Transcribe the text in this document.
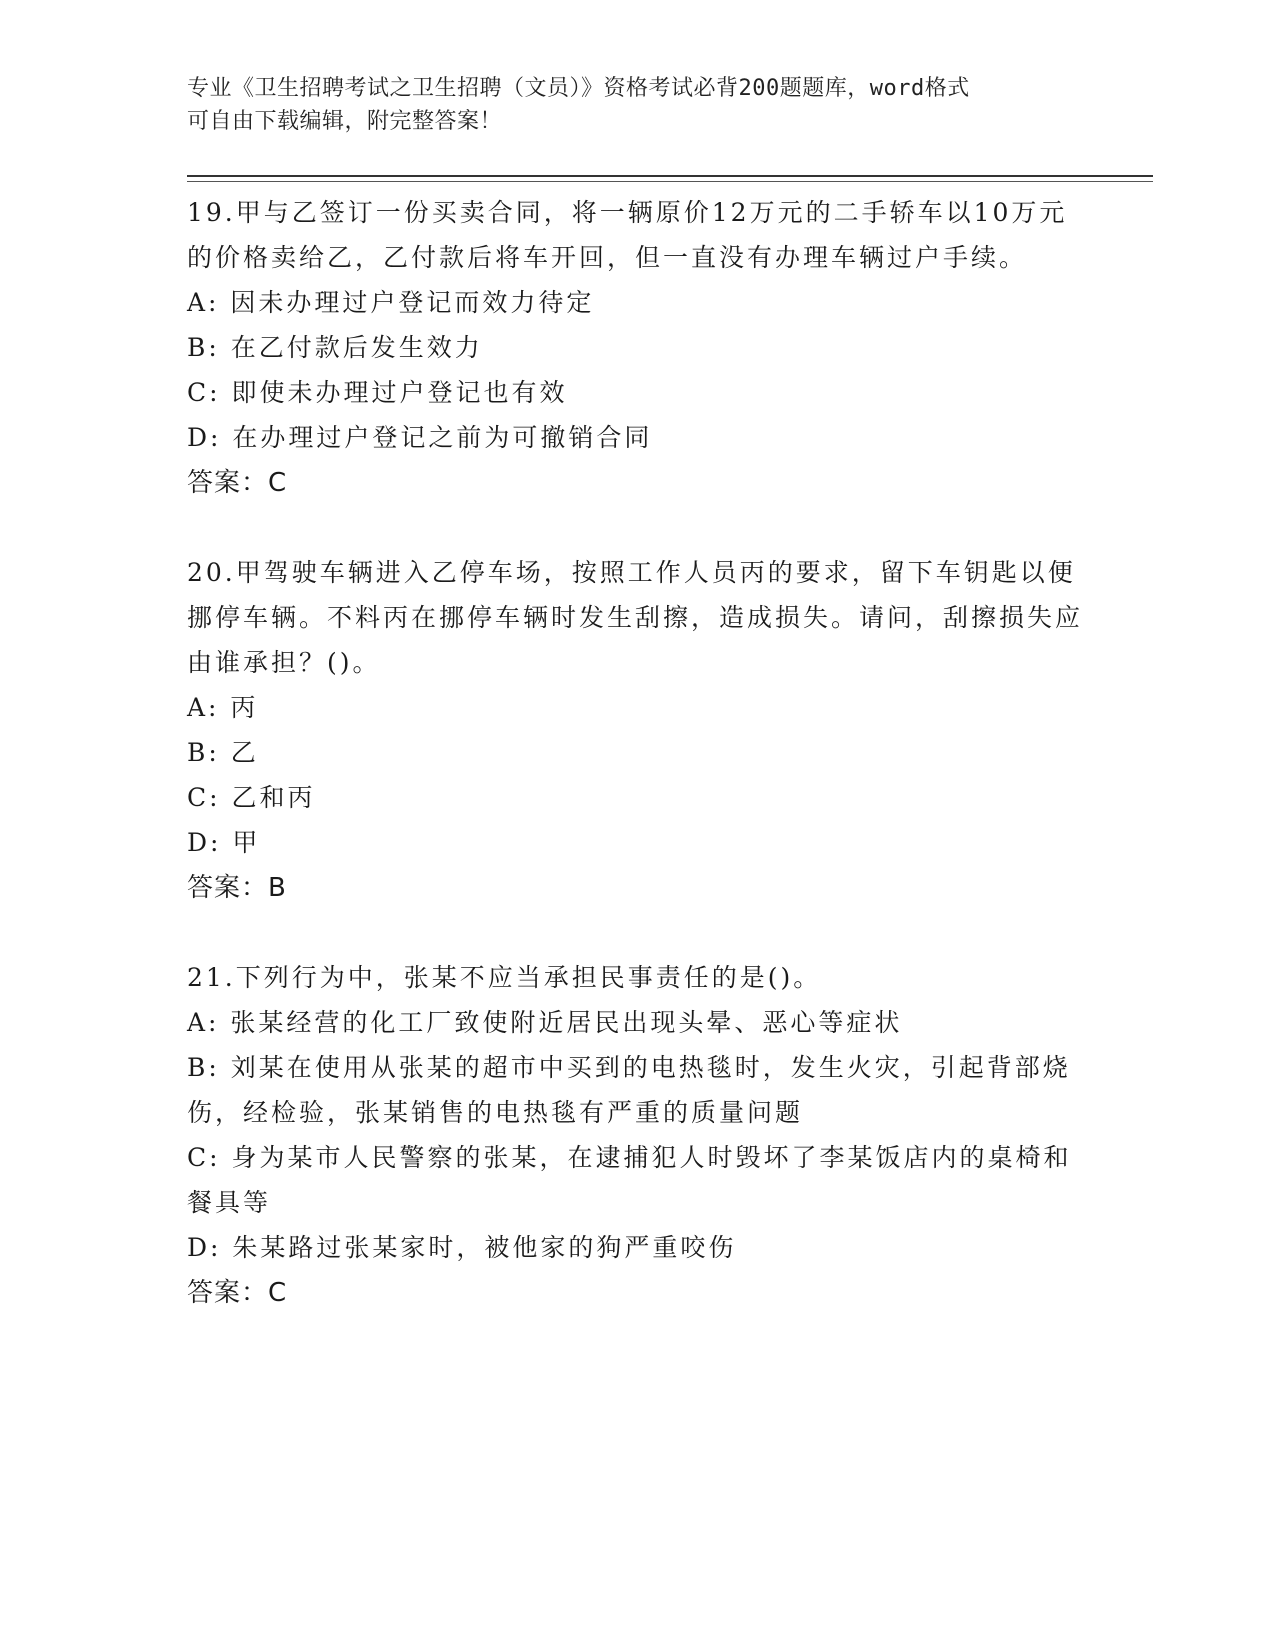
专业《卫生招聘考试之卫生招聘（文员）》资格考试必背200题题库，word格式
可自由下载编辑，附完整答案！

19.甲与乙签订一份买卖合同，将一辆原价12万元的二手轿车以10万元的价格卖给乙，乙付款后将车开回，但一直没有办理车辆过户手续。

A: 因未办理过户登记而效力待定

B: 在乙付款后发生效力

C: 即使未办理过户登记也有效

D: 在办理过户登记之前为可撤销合同

答案：C

20.甲驾驶车辆进入乙停车场，按照工作人员丙的要求，留下车钥匙以便挪停车辆。不料丙在挪停车辆时发生刮擦，造成损失。请问，刮擦损失应由谁承担？()。

A: 丙

B: 乙

C: 乙和丙

D: 甲

答案：B

21.下列行为中，张某不应当承担民事责任的是()。

A: 张某经营的化工厂致使附近居民出现头晕、恶心等症状

B: 刘某在使用从张某的超市中买到的电热毯时，发生火灾，引起背部烧伤，经检验，张某销售的电热毯有严重的质量问题

C: 身为某市人民警察的张某，在逮捕犯人时毁坏了李某饭店内的桌椅和餐具等

D: 朱某路过张某家时，被他家的狗严重咬伤

答案：C
